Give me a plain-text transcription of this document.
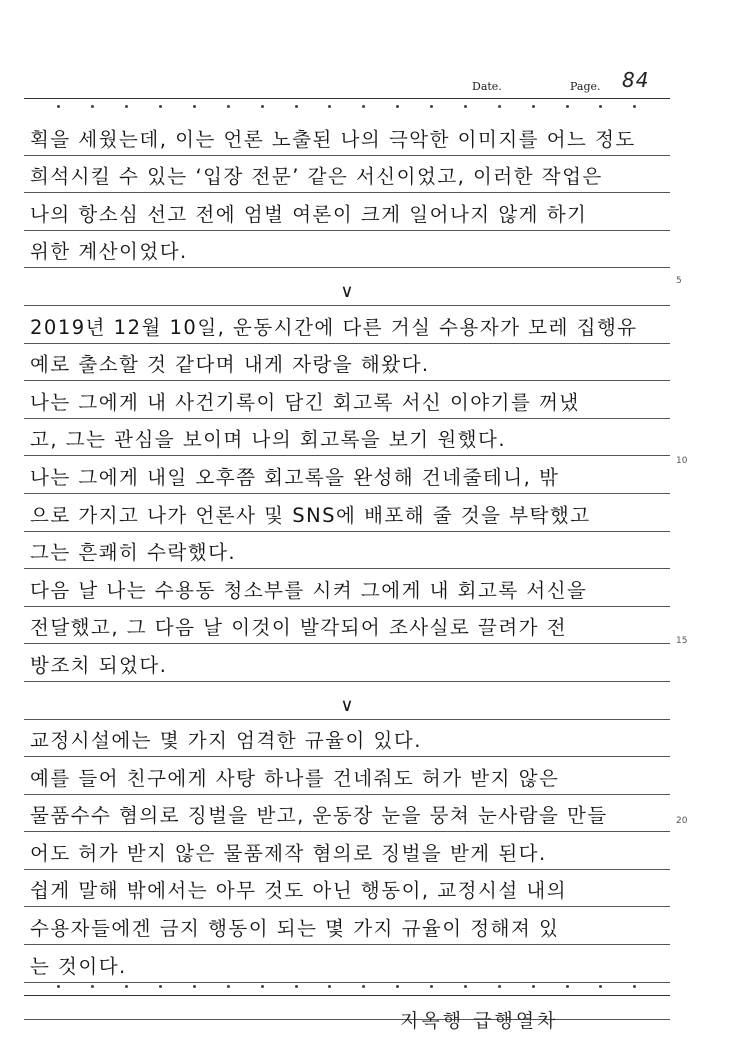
Date.	Page. 84
획을 세웠는데, 이는 언론 노출된 나의 극악한 이미지를 어느 정도
희석시킬 수 있는 ‘입장 전문’ 같은 서신이었고, 이러한 작업은
나의 항소심 선고 전에 엄벌 여론이 크게 일어나지 않게 하기
위한 계산이었다.
∨
2019년 12월 10일, 운동시간에 다른 거실 수용자가 모레 집행유
예로 출소할 것 같다며 내게 자랑을 해왔다.
나는 그에게 내 사건기록이 담긴 회고록 서신 이야기를 꺼냈
고, 그는 관심을 보이며 나의 회고록을 보기 원했다.
나는 그에게 내일 오후쯤 회고록을 완성해 건네줄테니, 밖
으로 가지고 나가 언론사 및 SNS에 배포해 줄 것을 부탁했고
그는 흔쾌히 수락했다.
다음 날 나는 수용동 청소부를 시켜 그에게 내 회고록 서신을
전달했고, 그 다음 날 이것이 발각되어 조사실로 끌려가 전
방조치 되었다.
∨
교정시설에는 몇 가지 엄격한 규율이 있다.
예를 들어 친구에게 사탕 하나를 건네줘도 허가 받지 않은
물품수수 혐의로 징벌을 받고, 운동장 눈을 뭉쳐 눈사람을 만들
어도 허가 받지 않은 물품제작 혐의로 징벌을 받게 된다.
쉽게 말해 밖에서는 아무 것도 아닌 행동이, 교정시설 내의
수용자들에겐 금지 행동이 되는 몇 가지 규율이 정해져 있
는 것이다.
5
10
15
20
지옥행 급행열차
